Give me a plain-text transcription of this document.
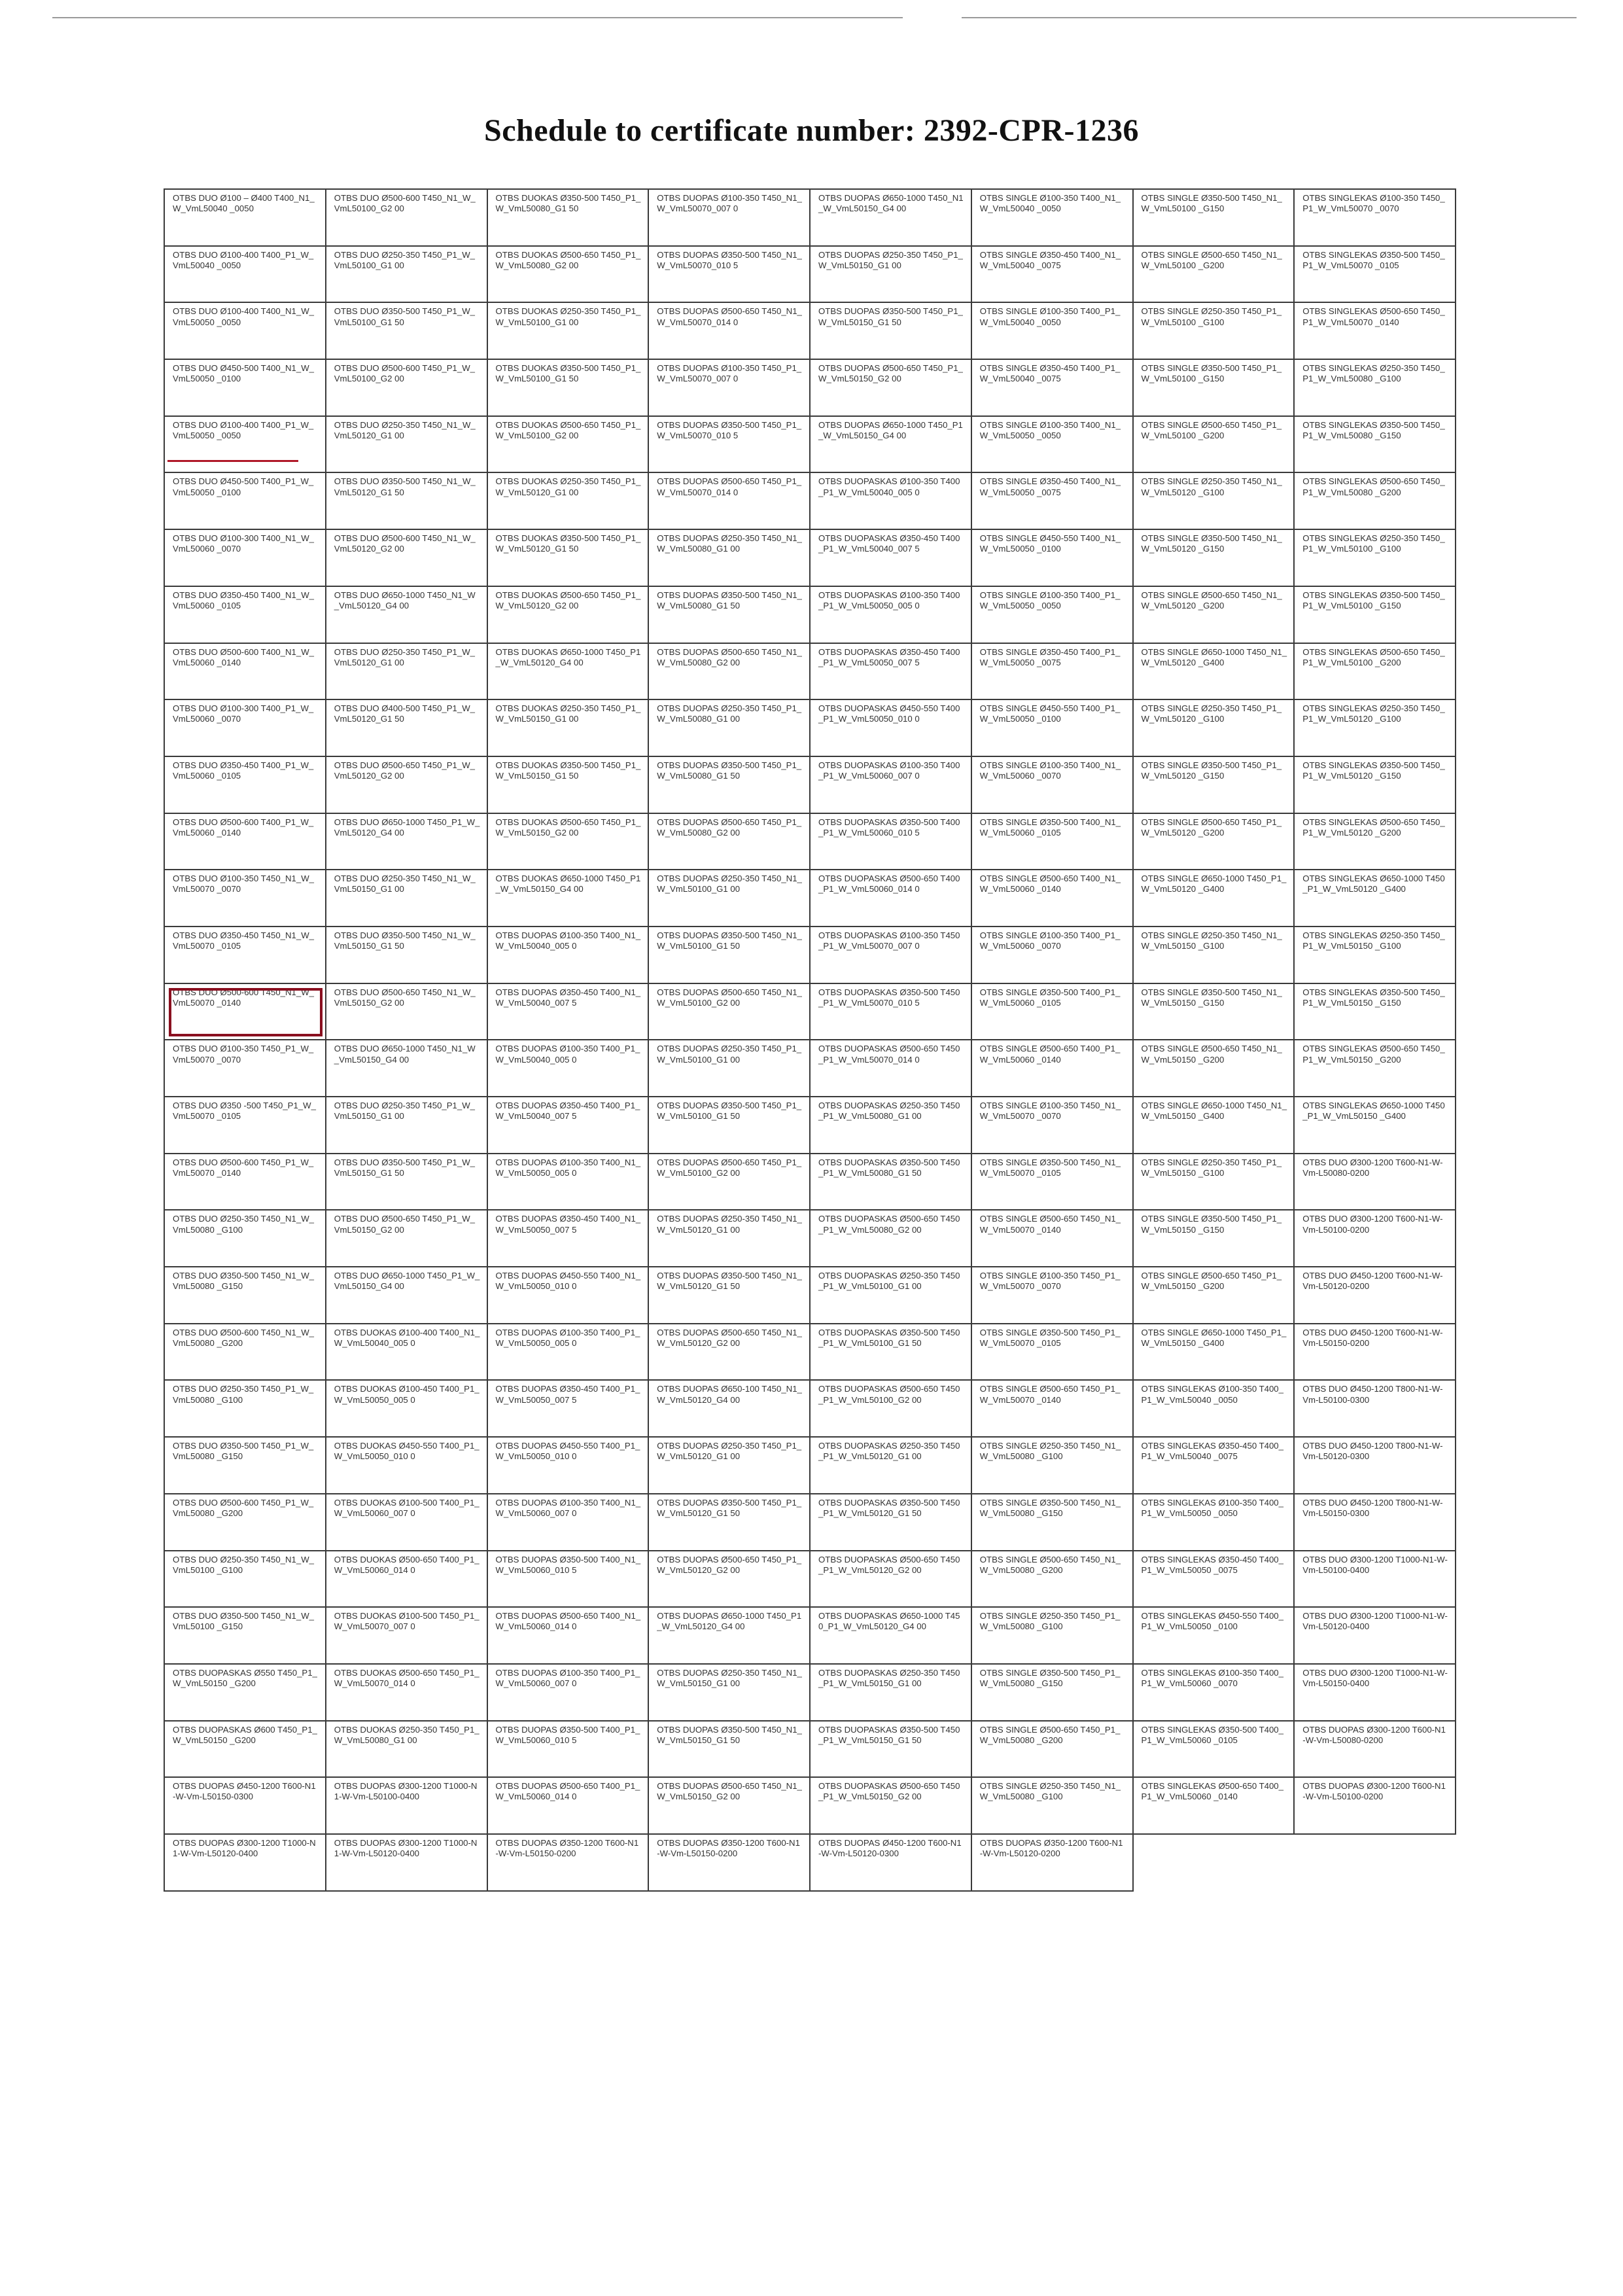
Schedule to certificate number: 2392-CPR-1236
OTBS DUO Ø100 – Ø400 T400_N1_W_VmL50040 _0050
OTBS DUO Ø500-600 T450_N1_W_VmL50100_G2 00
OTBS DUOKAS Ø350-500 T450_P1_W_VmL50080_G1 50
OTBS DUOPAS Ø100-350 T450_N1_W_VmL50070_007 0
OTBS DUOPAS Ø650-1000 T450_N1_W_VmL50150_G4 00
OTBS SINGLE Ø100-350 T400_N1_W_VmL50040 _0050
OTBS SINGLE Ø350-500 T450_N1_W_VmL50100 _G150
OTBS SINGLEKAS Ø100-350 T450_P1_W_VmL50070 _0070
OTBS DUO Ø100-400 T400_P1_W_VmL50040 _0050
OTBS DUO Ø250-350 T450_P1_W_VmL50100_G1 00
OTBS DUOKAS Ø500-650 T450_P1_W_VmL50080_G2 00
OTBS DUOPAS Ø350-500 T450_N1_W_VmL50070_010 5
OTBS DUOPAS Ø250-350 T450_P1_W_VmL50150_G1 00
OTBS SINGLE Ø350-450 T400_N1_W_VmL50040 _0075
OTBS SINGLE Ø500-650 T450_N1_W_VmL50100 _G200
OTBS SINGLEKAS Ø350-500 T450_P1_W_VmL50070 _0105
OTBS DUO Ø100-400 T400_N1_W_VmL50050 _0050
OTBS DUO Ø350-500 T450_P1_W_VmL50100_G1 50
OTBS DUOKAS Ø250-350 T450_P1_W_VmL50100_G1 00
OTBS DUOPAS Ø500-650 T450_N1_W_VmL50070_014 0
OTBS DUOPAS Ø350-500 T450_P1_W_VmL50150_G1 50
OTBS SINGLE Ø100-350 T400_P1_W_VmL50040 _0050
OTBS SINGLE Ø250-350 T450_P1_W_VmL50100 _G100
OTBS SINGLEKAS Ø500-650 T450_P1_W_VmL50070 _0140
OTBS DUO Ø450-500 T400_N1_W_VmL50050 _0100
OTBS DUO Ø500-600 T450_P1_W_VmL50100_G2 00
OTBS DUOKAS Ø350-500 T450_P1_W_VmL50100_G1 50
OTBS DUOPAS Ø100-350 T450_P1_W_VmL50070_007 0
OTBS DUOPAS Ø500-650 T450_P1_W_VmL50150_G2 00
OTBS SINGLE Ø350-450 T400_P1_W_VmL50040 _0075
OTBS SINGLE Ø350-500 T450_P1_W_VmL50100 _G150
OTBS SINGLEKAS Ø250-350 T450_P1_W_VmL50080 _G100
OTBS DUO Ø100-400 T400_P1_W_VmL50050 _0050
OTBS DUO Ø250-350 T450_N1_W_VmL50120_G1 00
OTBS DUOKAS Ø500-650 T450_P1_W_VmL50100_G2 00
OTBS DUOPAS Ø350-500 T450_P1_W_VmL50070_010 5
OTBS DUOPAS Ø650-1000 T450_P1_W_VmL50150_G4 00
OTBS SINGLE Ø100-350 T400_N1_W_VmL50050 _0050
OTBS SINGLE Ø500-650 T450_P1_W_VmL50100 _G200
OTBS SINGLEKAS Ø350-500 T450_P1_W_VmL50080 _G150
OTBS DUO Ø450-500 T400_P1_W_VmL50050 _0100
OTBS DUO Ø350-500 T450_N1_W_VmL50120_G1 50
OTBS DUOKAS Ø250-350 T450_P1_W_VmL50120_G1 00
OTBS DUOPAS Ø500-650 T450_P1_W_VmL50070_014 0
OTBS DUOPASKAS Ø100-350 T400_P1_W_VmL50040_005 0
OTBS SINGLE Ø350-450 T400_N1_W_VmL50050 _0075
OTBS SINGLE Ø250-350 T450_N1_W_VmL50120 _G100
OTBS SINGLEKAS Ø500-650 T450_P1_W_VmL50080 _G200
OTBS DUO Ø100-300 T400_N1_W_VmL50060 _0070
OTBS DUO Ø500-600 T450_N1_W_VmL50120_G2 00
OTBS DUOKAS Ø350-500 T450_P1_W_VmL50120_G1 50
OTBS DUOPAS Ø250-350 T450_N1_W_VmL50080_G1 00
OTBS DUOPASKAS Ø350-450 T400_P1_W_VmL50040_007 5
OTBS SINGLE Ø450-550 T400_N1_W_VmL50050 _0100
OTBS SINGLE Ø350-500 T450_N1_W_VmL50120 _G150
OTBS SINGLEKAS Ø250-350 T450_P1_W_VmL50100 _G100
OTBS DUO Ø350-450 T400_N1_W_VmL50060 _0105
OTBS DUO Ø650-1000 T450_N1_W_VmL50120_G4 00
OTBS DUOKAS Ø500-650 T450_P1_W_VmL50120_G2 00
OTBS DUOPAS Ø350-500 T450_N1_W_VmL50080_G1 50
OTBS DUOPASKAS Ø100-350 T400_P1_W_VmL50050_005 0
OTBS SINGLE Ø100-350 T400_P1_W_VmL50050 _0050
OTBS SINGLE Ø500-650 T450_N1_W_VmL50120 _G200
OTBS SINGLEKAS Ø350-500 T450_P1_W_VmL50100 _G150
OTBS DUO Ø500-600 T400_N1_W_VmL50060 _0140
OTBS DUO Ø250-350 T450_P1_W_VmL50120_G1 00
OTBS DUOKAS Ø650-1000 T450_P1_W_VmL50120_G4 00
OTBS DUOPAS Ø500-650 T450_N1_W_VmL50080_G2 00
OTBS DUOPASKAS Ø350-450 T400_P1_W_VmL50050_007 5
OTBS SINGLE Ø350-450 T400_P1_W_VmL50050 _0075
OTBS SINGLE Ø650-1000 T450_N1_W_VmL50120 _G400
OTBS SINGLEKAS Ø500-650 T450_P1_W_VmL50100 _G200
OTBS DUO Ø100-300 T400_P1_W_VmL50060 _0070
OTBS DUO Ø400-500 T450_P1_W_VmL50120_G1 50
OTBS DUOKAS Ø250-350 T450_P1_W_VmL50150_G1 00
OTBS DUOPAS Ø250-350 T450_P1_W_VmL50080_G1 00
OTBS DUOPASKAS Ø450-550 T400_P1_W_VmL50050_010 0
OTBS SINGLE Ø450-550 T400_P1_W_VmL50050 _0100
OTBS SINGLE Ø250-350 T450_P1_W_VmL50120 _G100
OTBS SINGLEKAS Ø250-350 T450_P1_W_VmL50120 _G100
OTBS DUO Ø350-450 T400_P1_W_VmL50060 _0105
OTBS DUO Ø500-650 T450_P1_W_VmL50120_G2 00
OTBS DUOKAS Ø350-500 T450_P1_W_VmL50150_G1 50
OTBS DUOPAS Ø350-500 T450_P1_W_VmL50080_G1 50
OTBS DUOPASKAS Ø100-350 T400_P1_W_VmL50060_007 0
OTBS SINGLE Ø100-350 T400_N1_W_VmL50060 _0070
OTBS SINGLE Ø350-500 T450_P1_W_VmL50120 _G150
OTBS SINGLEKAS Ø350-500 T450_P1_W_VmL50120 _G150
OTBS DUO Ø500-600 T400_P1_W_VmL50060 _0140
OTBS DUO Ø650-1000 T450_P1_W_VmL50120_G4 00
OTBS DUOKAS Ø500-650 T450_P1_W_VmL50150_G2 00
OTBS DUOPAS Ø500-650 T450_P1_W_VmL50080_G2 00
OTBS DUOPASKAS Ø350-500 T400_P1_W_VmL50060_010 5
OTBS SINGLE Ø350-500 T400_N1_W_VmL50060 _0105
OTBS SINGLE Ø500-650 T450_P1_W_VmL50120 _G200
OTBS SINGLEKAS Ø500-650 T450_P1_W_VmL50120 _G200
OTBS DUO Ø100-350 T450_N1_W_VmL50070 _0070
OTBS DUO Ø250-350 T450_N1_W_VmL50150_G1 00
OTBS DUOKAS Ø650-1000 T450_P1_W_VmL50150_G4 00
OTBS DUOPAS Ø250-350 T450_N1_W_VmL50100_G1 00
OTBS DUOPASKAS Ø500-650 T400_P1_W_VmL50060_014 0
OTBS SINGLE Ø500-650 T400_N1_W_VmL50060 _0140
OTBS SINGLE Ø650-1000 T450_P1_W_VmL50120 _G400
OTBS SINGLEKAS Ø650-1000 T450_P1_W_VmL50120 _G400
OTBS DUO Ø350-450 T450_N1_W_VmL50070 _0105
OTBS DUO Ø350-500 T450_N1_W_VmL50150_G1 50
OTBS DUOPAS Ø100-350 T400_N1_W_VmL50040_005 0
OTBS DUOPAS Ø350-500 T450_N1_W_VmL50100_G1 50
OTBS DUOPASKAS Ø100-350 T450_P1_W_VmL50070_007 0
OTBS SINGLE Ø100-350 T400_P1_W_VmL50060 _0070
OTBS SINGLE Ø250-350 T450_N1_W_VmL50150 _G100
OTBS SINGLEKAS Ø250-350 T450_P1_W_VmL50150 _G100
OTBS DUO Ø500-600 T450_N1_W_VmL50070 _0140
OTBS DUO Ø500-650 T450_N1_W_VmL50150_G2 00
OTBS DUOPAS Ø350-450 T400_N1_W_VmL50040_007 5
OTBS DUOPAS Ø500-650 T450_N1_W_VmL50100_G2 00
OTBS DUOPASKAS Ø350-500 T450_P1_W_VmL50070_010 5
OTBS SINGLE Ø350-500 T400_P1_W_VmL50060 _0105
OTBS SINGLE Ø350-500 T450_N1_W_VmL50150 _G150
OTBS SINGLEKAS Ø350-500 T450_P1_W_VmL50150 _G150
OTBS DUO Ø100-350 T450_P1_W_VmL50070 _0070
OTBS DUO Ø650-1000 T450_N1_W_VmL50150_G4 00
OTBS DUOPAS Ø100-350 T400_P1_W_VmL50040_005 0
OTBS DUOPAS Ø250-350 T450_P1_W_VmL50100_G1 00
OTBS DUOPASKAS Ø500-650 T450_P1_W_VmL50070_014 0
OTBS SINGLE Ø500-650 T400_P1_W_VmL50060 _0140
OTBS SINGLE Ø500-650 T450_N1_W_VmL50150 _G200
OTBS SINGLEKAS Ø500-650 T450_P1_W_VmL50150 _G200
OTBS DUO Ø350 -500 T450_P1_W_VmL50070 _0105
OTBS DUO Ø250-350 T450_P1_W_VmL50150_G1 00
OTBS DUOPAS Ø350-450 T400_P1_W_VmL50040_007 5
OTBS DUOPAS Ø350-500 T450_P1_W_VmL50100_G1 50
OTBS DUOPASKAS Ø250-350 T450_P1_W_VmL50080_G1 00
OTBS SINGLE Ø100-350 T450_N1_W_VmL50070 _0070
OTBS SINGLE Ø650-1000 T450_N1_W_VmL50150 _G400
OTBS SINGLEKAS Ø650-1000 T450_P1_W_VmL50150 _G400
OTBS DUO Ø500-600 T450_P1_W_VmL50070 _0140
OTBS DUO Ø350-500 T450_P1_W_VmL50150_G1 50
OTBS DUOPAS Ø100-350 T400_N1_W_VmL50050_005 0
OTBS DUOPAS Ø500-650 T450_P1_W_VmL50100_G2 00
OTBS DUOPASKAS Ø350-500 T450_P1_W_VmL50080_G1 50
OTBS SINGLE Ø350-500 T450_N1_W_VmL50070 _0105
OTBS SINGLE Ø250-350 T450_P1_W_VmL50150 _G100
OTBS DUO Ø300-1200 T600-N1-W-Vm-L50080-0200
OTBS DUO Ø250-350 T450_N1_W_VmL50080 _G100
OTBS DUO Ø500-650 T450_P1_W_VmL50150_G2 00
OTBS DUOPAS Ø350-450 T400_N1_W_VmL50050_007 5
OTBS DUOPAS Ø250-350 T450_N1_W_VmL50120_G1 00
OTBS DUOPASKAS Ø500-650 T450_P1_W_VmL50080_G2 00
OTBS SINGLE Ø500-650 T450_N1_W_VmL50070 _0140
OTBS SINGLE Ø350-500 T450_P1_W_VmL50150 _G150
OTBS DUO Ø300-1200 T600-N1-W-Vm-L50100-0200
OTBS DUO Ø350-500 T450_N1_W_VmL50080 _G150
OTBS DUO Ø650-1000 T450_P1_W_VmL50150_G4 00
OTBS DUOPAS Ø450-550 T400_N1_W_VmL50050_010 0
OTBS DUOPAS Ø350-500 T450_N1_W_VmL50120_G1 50
OTBS DUOPASKAS Ø250-350 T450_P1_W_VmL50100_G1 00
OTBS SINGLE Ø100-350 T450_P1_W_VmL50070 _0070
OTBS SINGLE Ø500-650 T450_P1_W_VmL50150 _G200
OTBS DUO Ø450-1200 T600-N1-W-Vm-L50120-0200
OTBS DUO Ø500-600 T450_N1_W_VmL50080 _G200
OTBS DUOKAS Ø100-400 T400_N1_W_VmL50040_005 0
OTBS DUOPAS Ø100-350 T400_P1_W_VmL50050_005 0
OTBS DUOPAS Ø500-650 T450_N1_W_VmL50120_G2 00
OTBS DUOPASKAS Ø350-500 T450_P1_W_VmL50100_G1 50
OTBS SINGLE Ø350-500 T450_P1_W_VmL50070 _0105
OTBS SINGLE Ø650-1000 T450_P1_W_VmL50150 _G400
OTBS DUO Ø450-1200 T600-N1-W-Vm-L50150-0200
OTBS DUO Ø250-350 T450_P1_W_VmL50080 _G100
OTBS DUOKAS Ø100-450 T400_P1_W_VmL50050_005 0
OTBS DUOPAS Ø350-450 T400_P1_W_VmL50050_007 5
OTBS DUOPAS Ø650-100 T450_N1_W_VmL50120_G4 00
OTBS DUOPASKAS Ø500-650 T450_P1_W_VmL50100_G2 00
OTBS SINGLE Ø500-650 T450_P1_W_VmL50070 _0140
OTBS SINGLEKAS Ø100-350 T400_P1_W_VmL50040 _0050
OTBS DUO Ø450-1200 T800-N1-W-Vm-L50100-0300
OTBS DUO Ø350-500 T450_P1_W_VmL50080 _G150
OTBS DUOKAS Ø450-550 T400_P1_W_VmL50050_010 0
OTBS DUOPAS Ø450-550 T400_P1_W_VmL50050_010 0
OTBS DUOPAS Ø250-350 T450_P1_W_VmL50120_G1 00
OTBS DUOPASKAS Ø250-350 T450_P1_W_VmL50120_G1 00
OTBS SINGLE Ø250-350 T450_N1_W_VmL50080 _G100
OTBS SINGLEKAS Ø350-450 T400_P1_W_VmL50040 _0075
OTBS DUO Ø450-1200 T800-N1-W-Vm-L50120-0300
OTBS DUO Ø500-600 T450_P1_W_VmL50080 _G200
OTBS DUOKAS Ø100-500 T400_P1_W_VmL50060_007 0
OTBS DUOPAS Ø100-350 T400_N1_W_VmL50060_007 0
OTBS DUOPAS Ø350-500 T450_P1_W_VmL50120_G1 50
OTBS DUOPASKAS Ø350-500 T450_P1_W_VmL50120_G1 50
OTBS SINGLE Ø350-500 T450_N1_W_VmL50080 _G150
OTBS SINGLEKAS Ø100-350 T400_P1_W_VmL50050 _0050
OTBS DUO Ø450-1200 T800-N1-W-Vm-L50150-0300
OTBS DUO Ø250-350 T450_N1_W_VmL50100 _G100
OTBS DUOKAS Ø500-650 T400_P1_W_VmL50060_014 0
OTBS DUOPAS Ø350-500 T400_N1_W_VmL50060_010 5
OTBS DUOPAS Ø500-650 T450_P1_W_VmL50120_G2 00
OTBS DUOPASKAS Ø500-650 T450_P1_W_VmL50120_G2 00
OTBS SINGLE Ø500-650 T450_N1_W_VmL50080 _G200
OTBS SINGLEKAS Ø350-450 T400_P1_W_VmL50050 _0075
OTBS DUO Ø300-1200 T1000-N1-W-Vm-L50100-0400
OTBS DUO Ø350-500 T450_N1_W_VmL50100 _G150
OTBS DUOKAS Ø100-500 T450_P1_W_VmL50070_007 0
OTBS DUOPAS Ø500-650 T400_N1_W_VmL50060_014 0
OTBS DUOPAS Ø650-1000 T450_P1_W_VmL50120_G4 00
OTBS DUOPASKAS Ø650-1000 T450_P1_W_VmL50120_G4 00
OTBS SINGLE Ø250-350 T450_P1_W_VmL50080 _G100
OTBS SINGLEKAS Ø450-550 T400_P1_W_VmL50050 _0100
OTBS DUO Ø300-1200 T1000-N1-W-Vm-L50120-0400
OTBS DUOPASKAS Ø550 T450_P1_W_VmL50150 _G200
OTBS DUOKAS Ø500-650 T450_P1_W_VmL50070_014 0
OTBS DUOPAS Ø100-350 T400_P1_W_VmL50060_007 0
OTBS DUOPAS Ø250-350 T450_N1_W_VmL50150_G1 00
OTBS DUOPASKAS Ø250-350 T450_P1_W_VmL50150_G1 00
OTBS SINGLE Ø350-500 T450_P1_W_VmL50080 _G150
OTBS SINGLEKAS Ø100-350 T400_P1_W_VmL50060 _0070
OTBS DUO Ø300-1200 T1000-N1-W-Vm-L50150-0400
OTBS DUOPASKAS Ø600 T450_P1_W_VmL50150 _G200
OTBS DUOKAS Ø250-350 T450_P1_W_VmL50080_G1 00
OTBS DUOPAS Ø350-500 T400_P1_W_VmL50060_010 5
OTBS DUOPAS Ø350-500 T450_N1_W_VmL50150_G1 50
OTBS DUOPASKAS Ø350-500 T450_P1_W_VmL50150_G1 50
OTBS SINGLE Ø500-650 T450_P1_W_VmL50080 _G200
OTBS SINGLEKAS Ø350-500 T400_P1_W_VmL50060 _0105
OTBS DUOPAS Ø300-1200 T600-N1-W-Vm-L50080-0200
OTBS DUOPAS Ø450-1200 T600-N1-W-Vm-L50150-0300
OTBS DUOPAS Ø300-1200 T1000-N1-W-Vm-L50100-0400
OTBS DUOPAS Ø500-650 T400_P1_W_VmL50060_014 0
OTBS DUOPAS Ø500-650 T450_N1_W_VmL50150_G2 00
OTBS DUOPASKAS Ø500-650 T450_P1_W_VmL50150_G2 00
OTBS SINGLE Ø250-350 T450_N1_W_VmL50080 _G100
OTBS SINGLEKAS Ø500-650 T400_P1_W_VmL50060 _0140
OTBS DUOPAS Ø300-1200 T600-N1-W-Vm-L50100-0200
OTBS DUOPAS Ø300-1200 T1000-N1-W-Vm-L50120-0400
OTBS DUOPAS Ø300-1200 T1000-N1-W-Vm-L50120-0400
OTBS DUOPAS Ø350-1200 T600-N1-W-Vm-L50150-0200
OTBS DUOPAS Ø350-1200 T600-N1-W-Vm-L50150-0200
OTBS DUOPAS Ø450-1200 T600-N1-W-Vm-L50120-0300
OTBS DUOPAS Ø350-1200 T600-N1-W-Vm-L50120-0200
